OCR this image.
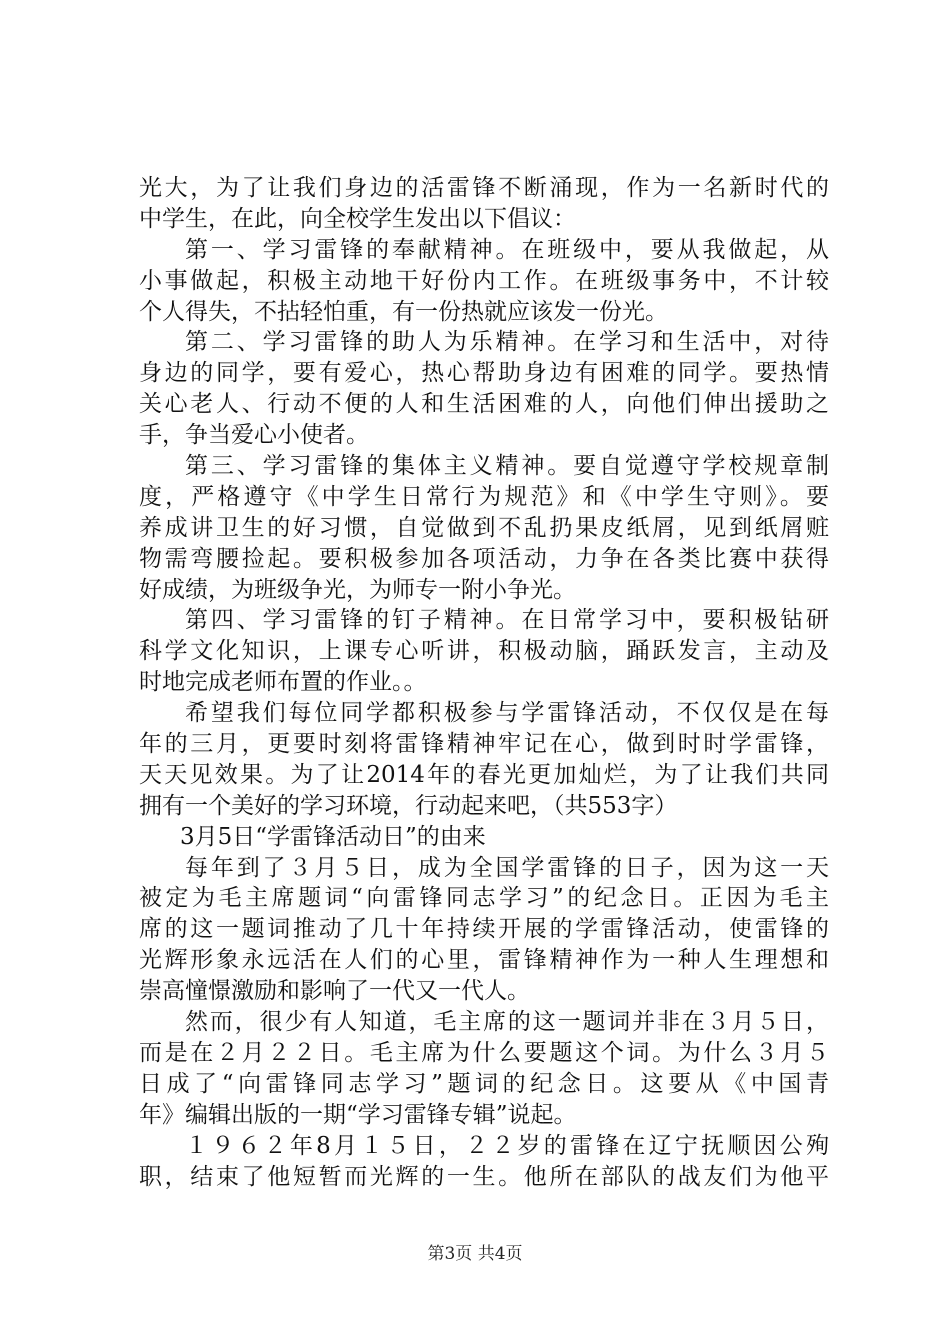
光大，为了让我们身边的活雷锋不断涌现，作为一名新时代的
中学生，在此，向全校学生发出以下倡议：
第一、学习雷锋的奉献精神。在班级中，要从我做起，从
小事做起，积极主动地干好份内工作。在班级事务中，不计较
个人得失，不拈轻怕重，有一份热就应该发一份光。
第二、学习雷锋的助人为乐精神。在学习和生活中，对待
身边的同学，要有爱心，热心帮助身边有困难的同学。要热情
关心老人、行动不便的人和生活困难的人，向他们伸出援助之
手，争当爱心小使者。
第三、学习雷锋的集体主义精神。要自觉遵守学校规章制
度，严格遵守《中学生日常行为规范》和《中学生守则》。要
养成讲卫生的好习惯，自觉做到不乱扔果皮纸屑，见到纸屑赃
物需弯腰捡起。要积极参加各项活动，力争在各类比赛中获得
好成绩，为班级争光，为师专一附小争光。
第四、学习雷锋的钉子精神。在日常学习中，要积极钻研
科学文化知识，上课专心听讲，积极动脑，踊跃发言，主动及
时地完成老师布置的作业。。
希望我们每位同学都积极参与学雷锋活动，不仅仅是在每
年的三月，更要时刻将雷锋精神牢记在心，做到时时学雷锋，
天天见效果。为了让2014年的春光更加灿烂，为了让我们共同
拥有一个美好的学习环境，行动起来吧，（共553字）
3月5日“学雷锋活动日”的由来
每年到了３月５日，成为全国学雷锋的日子，因为这一天
被定为毛主席题词“向雷锋同志学习”的纪念日。正因为毛主
席的这一题词推动了几十年持续开展的学雷锋活动，使雷锋的
光辉形象永远活在人们的心里，雷锋精神作为一种人生理想和
崇高憧憬激励和影响了一代又一代人。
然而，很少有人知道，毛主席的这一题词并非在３月５日，
而是在２月２２日。毛主席为什么要题这个词。为什么３月５
日成了“向雷锋同志学习”题词的纪念日。这要从《中国青
年》编辑出版的一期“学习雷锋专辑”说起。
１９６２年8月１５日，２２岁的雷锋在辽宁抚顺因公殉
职，结束了他短暂而光辉的一生。他所在部队的战友们为他平
第3页 共4页
